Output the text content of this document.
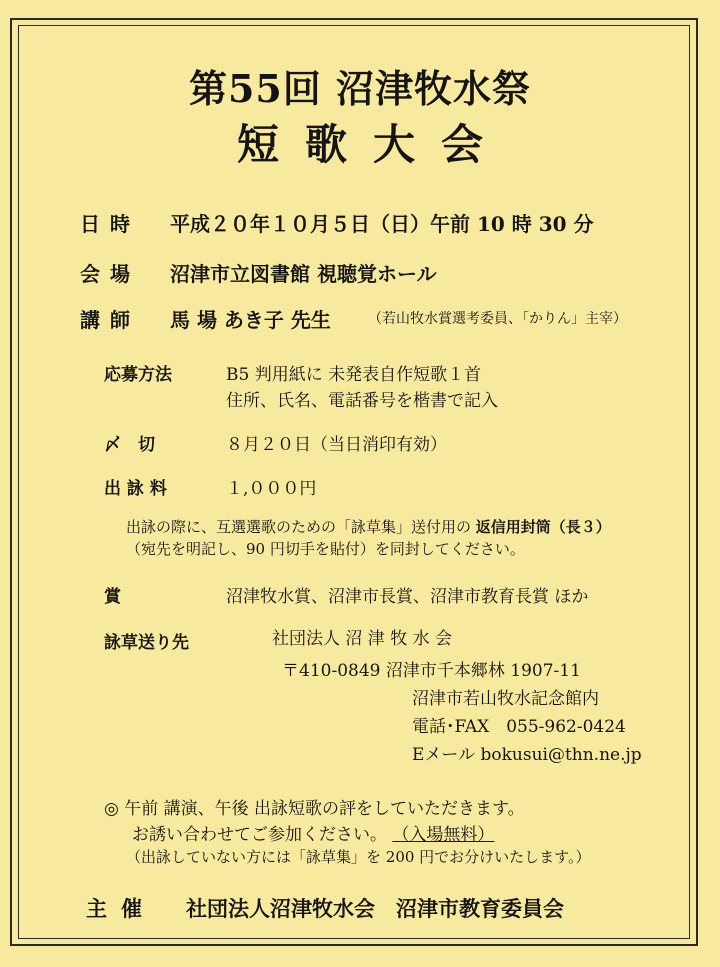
第55回 沼津牧水祭
短歌大会
日時 平成２０年１０月５日（日）午前 10 時 30 分
会場 沼津市立図書館 視聴覚ホール
講師 馬 場 あき子 先生	（若山牧水賞選考委員、「かりん」主宰）
応募方法	B5 判用紙に 未発表自作短歌１首
住所、氏名、電話番号を楷書で記入
〆　切	８月２０日（当日消印有効）
出 詠 料	１,０００円
出詠の際に、互選選歌のための「詠草集」送付用の 返信用封筒（長３）
（宛先を明記し、90 円切手を貼付）を同封してください。
賞	沼津牧水賞、沼津市長賞、沼津市教育長賞 ほか
詠草送り先	社団法人 沼 津 牧 水 会
〒410-0849 沼津市千本郷林 1907-11
沼津市若山牧水記念館内
電話･FAX　055-962-0424
Eメール bokusui@thn.ne.jp
◎ 午前 講演、午後 出詠短歌の評をしていただきます。
お誘い合わせてご参加ください。 （入場無料）
（出詠していない方には「詠草集」を 200 円でお分けいたします。）
主催 社団法人沼津牧水会　沼津市教育委員会
